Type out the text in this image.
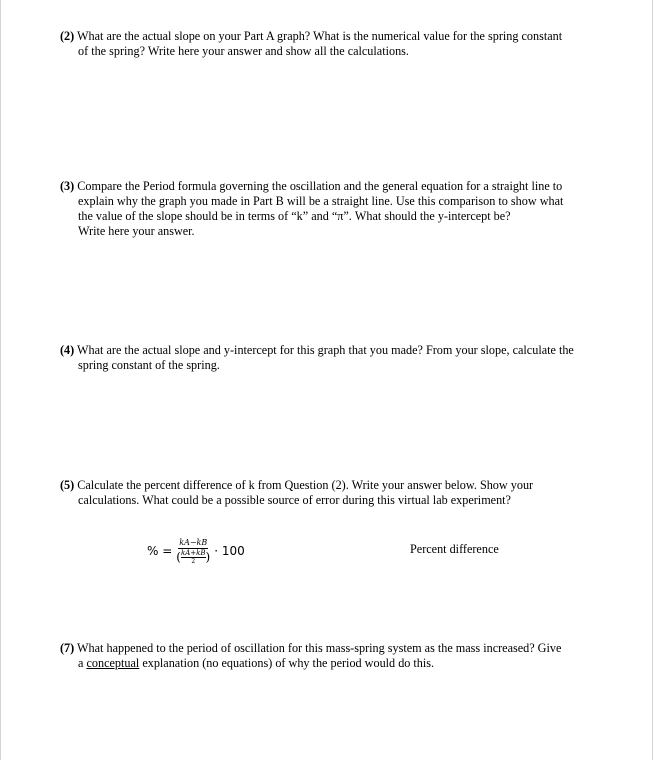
(2) What are the actual slope on your Part A graph? What is the numerical value for the spring constant
of the spring? Write here your answer and show all the calculations.
(3) Compare the Period formula governing the oscillation and the general equation for a straight line to
explain why the graph you made in Part B will be a straight line. Use this comparison to show what
the value of the slope should be in terms of “k” and “π”. What should the y-intercept be?
Write here your answer.
(4) What are the actual slope and y-intercept for this graph that you made? From your slope, calculate the
spring constant of the spring.
(5) Calculate the percent difference of k from Question (2). Write your answer below. Show your
calculations. What could be a possible source of error during this virtual lab experiment?
% = $\frac{kA-kB}{( \frac{kA+kB}{2} )} \cdot 100$	Percent difference
(7) What happened to the period of oscillation for this mass-spring system as the mass increased? Give
a conceptual explanation (no equations) of why the period would do this.
